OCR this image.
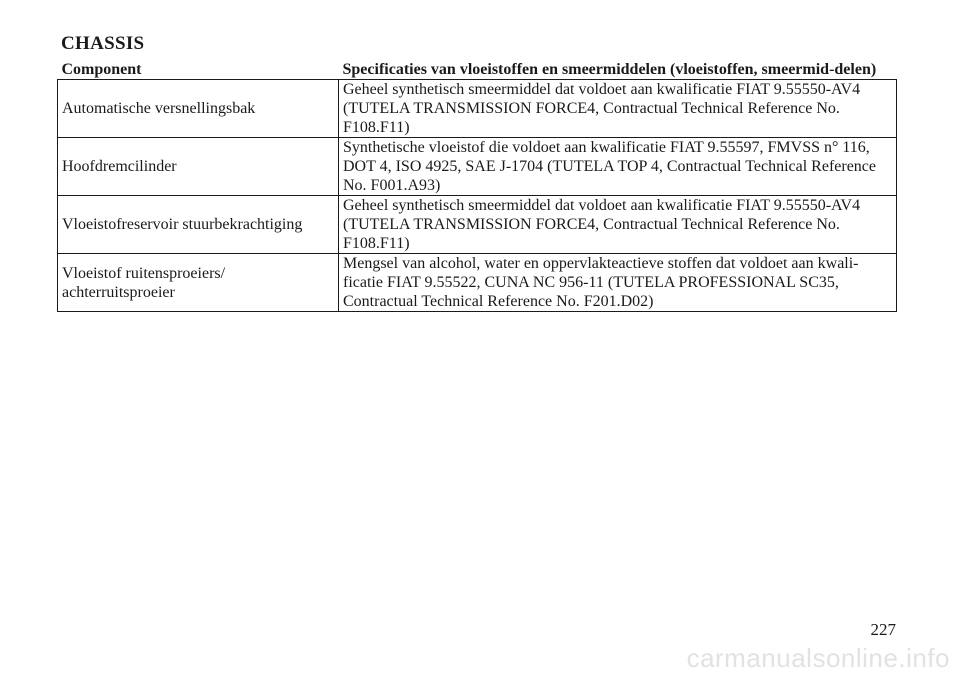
CHASSIS
Component	Specificaties van vloeistoffen en smeermiddelen (vloeistoffen, smeermid-delen)
Automatische versnellingsbak	Geheel synthetisch smeermiddel dat voldoet aan kwalificatie FIAT 9.55550-AV4 (TUTELA TRANSMISSION FORCE4, Contractual Technical Reference No. F108.F11)
Hoofdremcilinder	Synthetische vloeistof die voldoet aan kwalificatie FIAT 9.55597, FMVSS n° 116, DOT 4, ISO 4925, SAE J-1704 (TUTELA TOP 4, Contractual Technical Reference No. F001.A93)
Vloeistofreservoir stuurbekrachtiging	Geheel synthetisch smeermiddel dat voldoet aan kwalificatie FIAT 9.55550-AV4 (TUTELA TRANSMISSION FORCE4, Contractual Technical Reference No. F108.F11)
Vloeistof ruitensproeiers/ achterruitsproeier	Mengsel van alcohol, water en oppervlakteactieve stoffen dat voldoet aan kwali-ficatie FIAT 9.55522, CUNA NC 956-11 (TUTELA PROFESSIONAL SC35, Contractual Technical Reference No. F201.D02)
227
carmanualsonline.info
